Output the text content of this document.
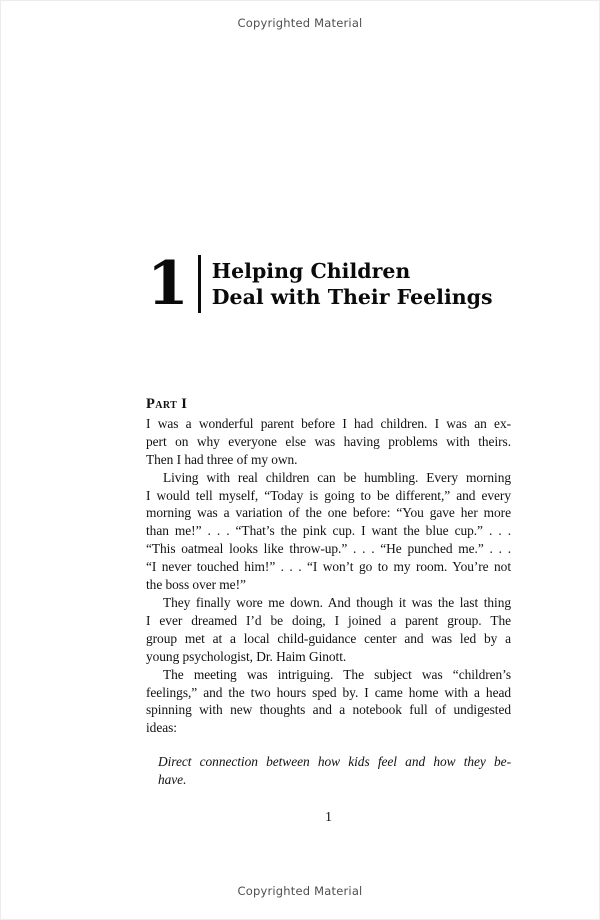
Copyrighted Material
1 Helping Children
Deal with Their Feelings
Part I
I was a wonderful parent before I had children. I was an ex-
pert on why everyone else was having problems with theirs.
Then I had three of my own.
Living with real children can be humbling. Every morning
I would tell myself, “Today is going to be different,” and every
morning was a variation of the one before: “You gave her more
than me!” . . . “That’s the pink cup. I want the blue cup.” . . .
“This oatmeal looks like throw-up.” . . . “He punched me.” . . .
“I never touched him!” . . . “I won’t go to my room. You’re not
the boss over me!”
They finally wore me down. And though it was the last thing
I ever dreamed I’d be doing, I joined a parent group. The
group met at a local child-guidance center and was led by a
young psychologist, Dr. Haim Ginott.
The meeting was intriguing. The subject was “children’s
feelings,” and the two hours sped by. I came home with a head
spinning with new thoughts and a notebook full of undigested
ideas:
Direct connection between how kids feel and how they be-
have.
1
Copyrighted Material
